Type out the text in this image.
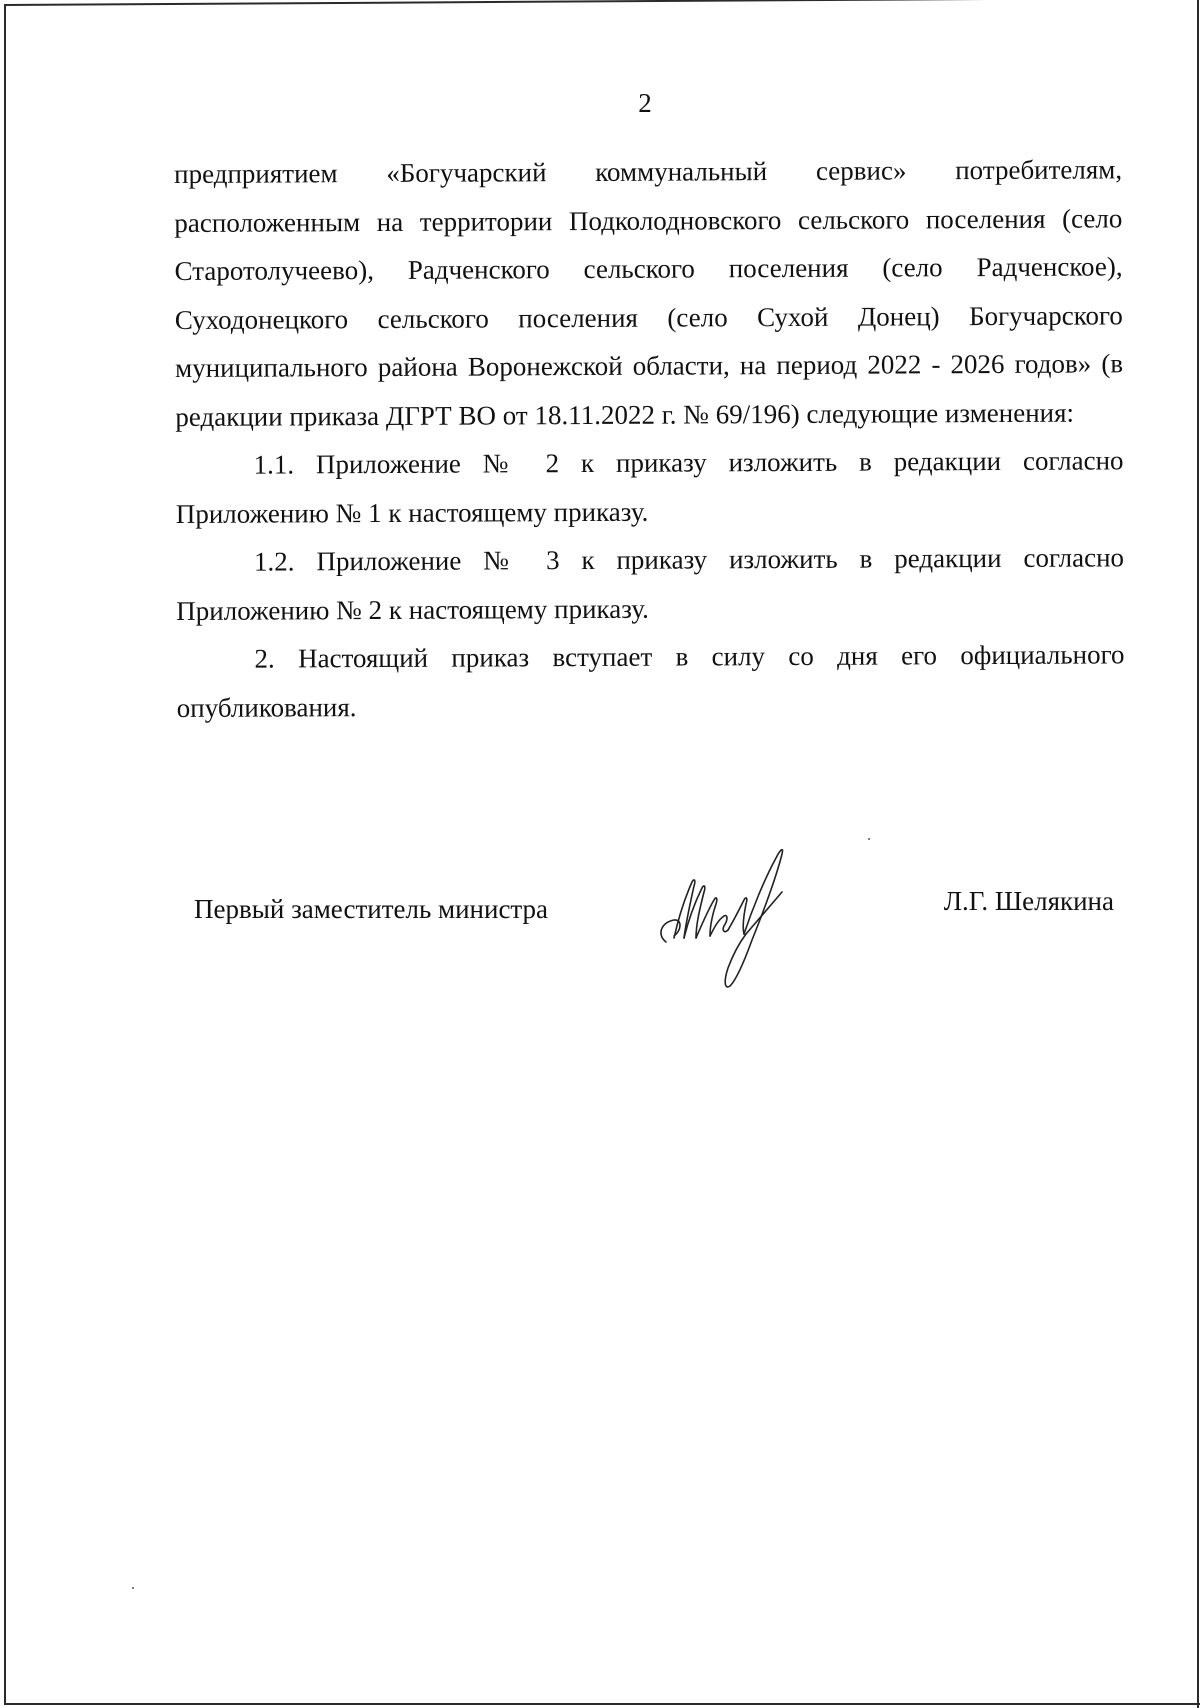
2

предприятием «Богучарский коммунальный сервис» потребителям, расположенным на территории Подколодновского сельского поселения (село Старотолучеево), Радченского сельского поселения (село Радченское), Суходонецкого сельского поселения (село Сухой Донец) Богучарского муниципального района Воронежской области, на период 2022 - 2026 годов» (в редакции приказа ДГРТ ВО от 18.11.2022 г. № 69/196) следующие изменения:

1.1. Приложение № 2 к приказу изложить в редакции согласно Приложению № 1 к настоящему приказу.

1.2. Приложение № 3 к приказу изложить в редакции согласно Приложению № 2 к настоящему приказу.

2. Настоящий приказ вступает в силу со дня его официального опубликования.

Первый заместитель министра	Л.Г. Шелякина
